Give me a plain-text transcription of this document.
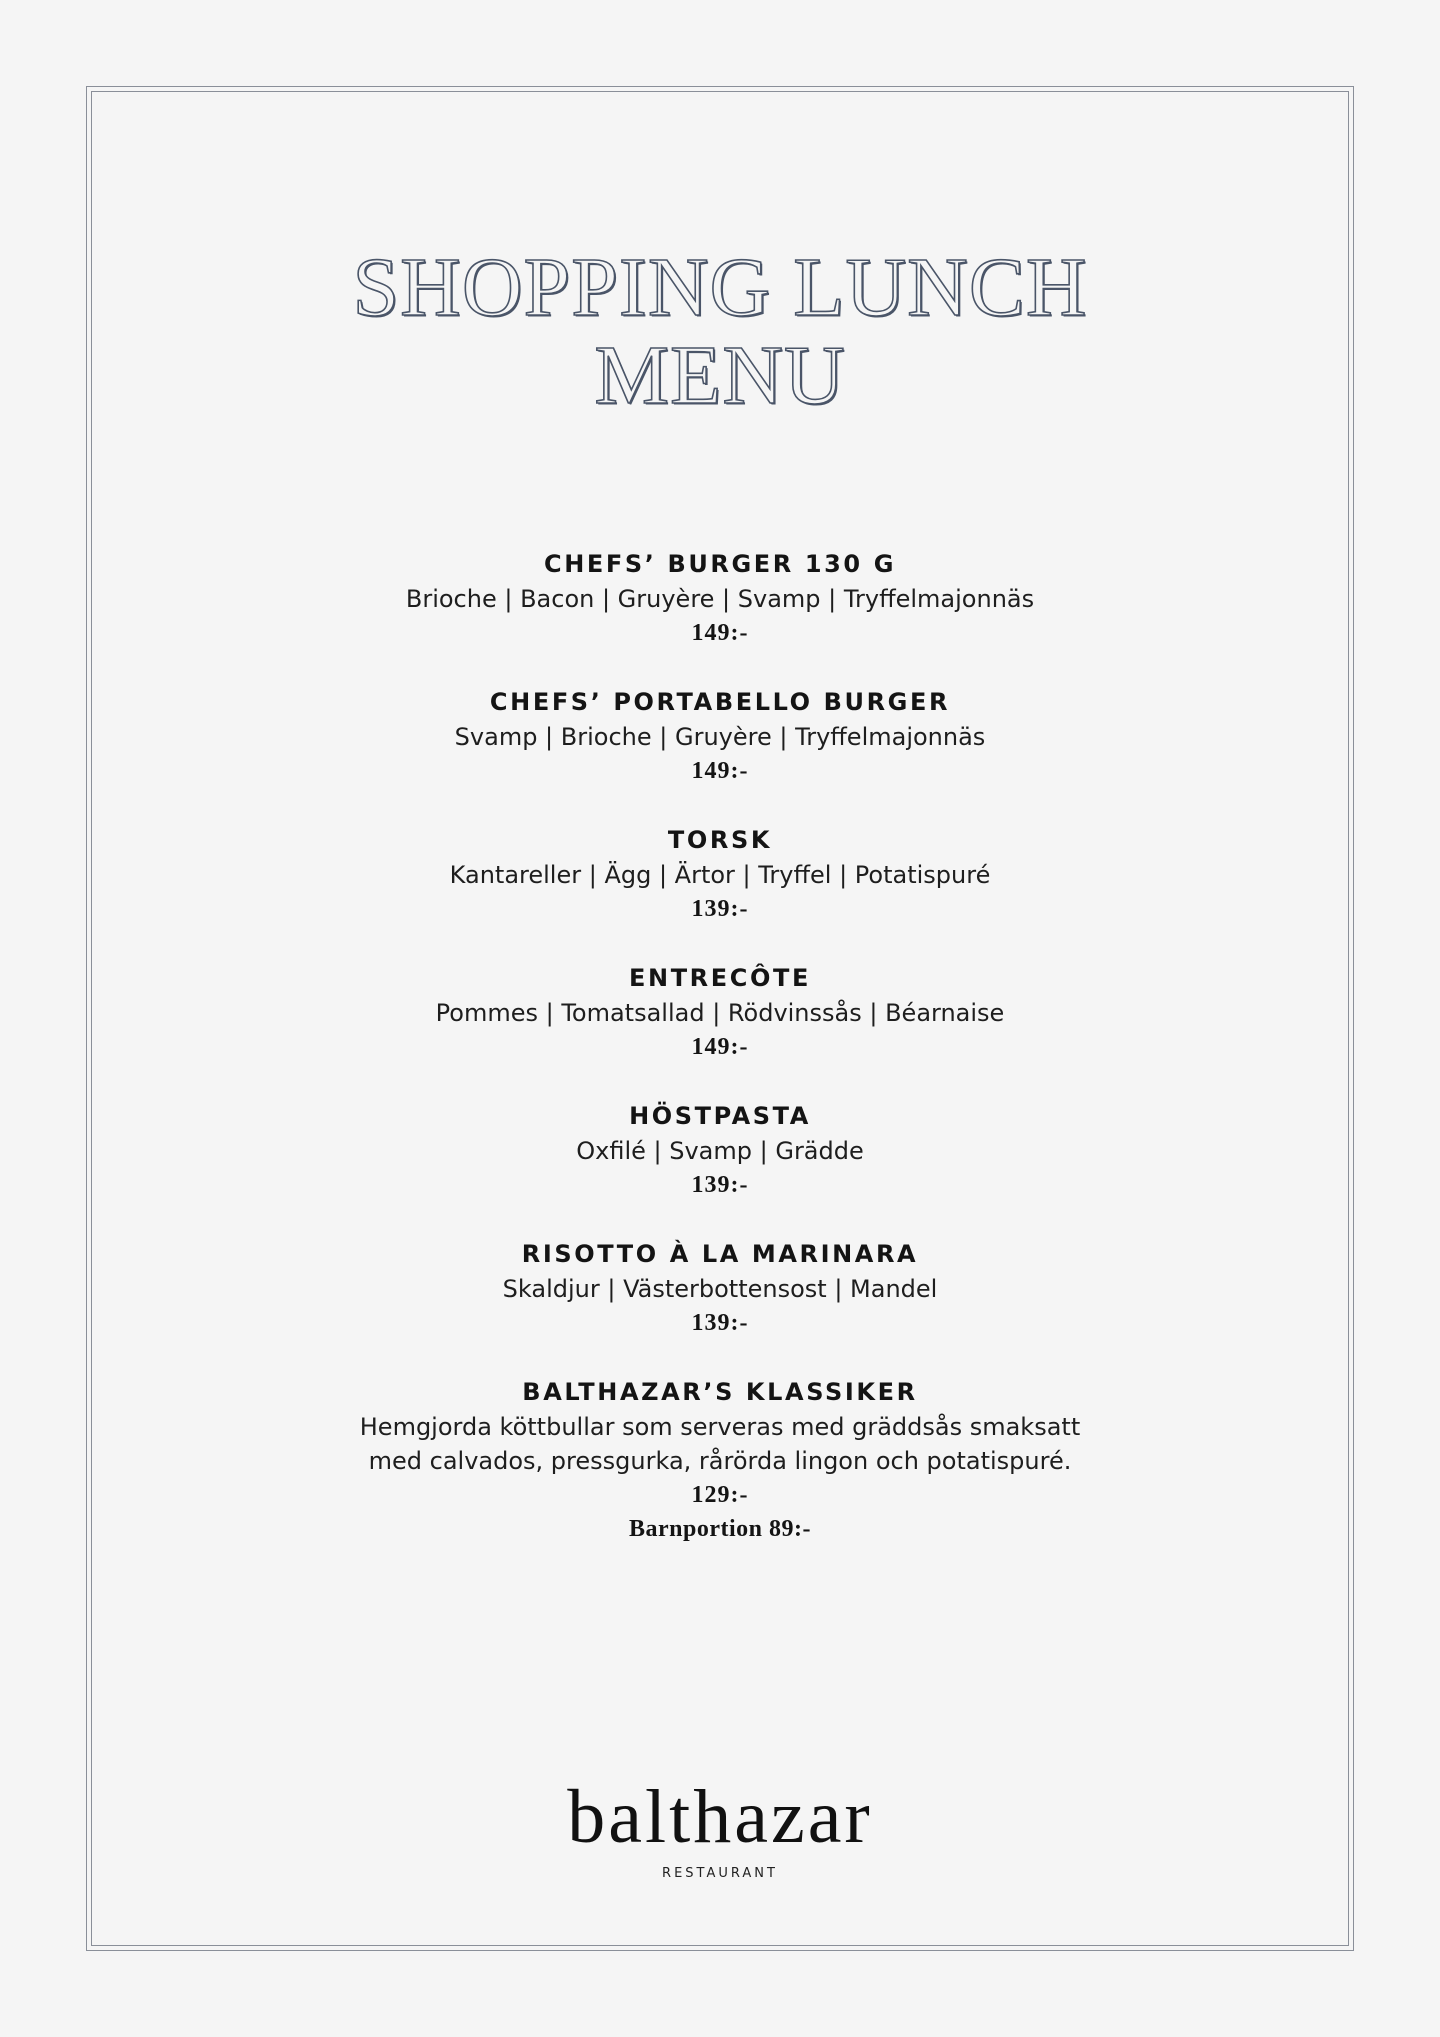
SHOPPING LUNCH
MENU
CHEFS’ BURGER 130 G
Brioche | Bacon | Gruyère | Svamp | Tryffelmajonnäs
149:-
CHEFS’ PORTABELLO BURGER
Svamp | Brioche | Gruyère | Tryffelmajonnäs
149:-
TORSK
Kantareller | Ägg | Ärtor | Tryffel | Potatispuré
139:-
ENTRECÔTE
Pommes | Tomatsallad | Rödvinssås | Béarnaise
149:-
HÖSTPASTA
Oxfilé | Svamp | Grädde
139:-
RISOTTO À LA MARINARA
Skaldjur | Västerbottensost | Mandel
139:-
BALTHAZAR’S KLASSIKER
Hemgjorda köttbullar som serveras med gräddsås smaksatt med calvados, pressgurka, rårörda lingon och potatispuré.
129:-
Barnportion 89:-
balthazar
RESTAURANT
